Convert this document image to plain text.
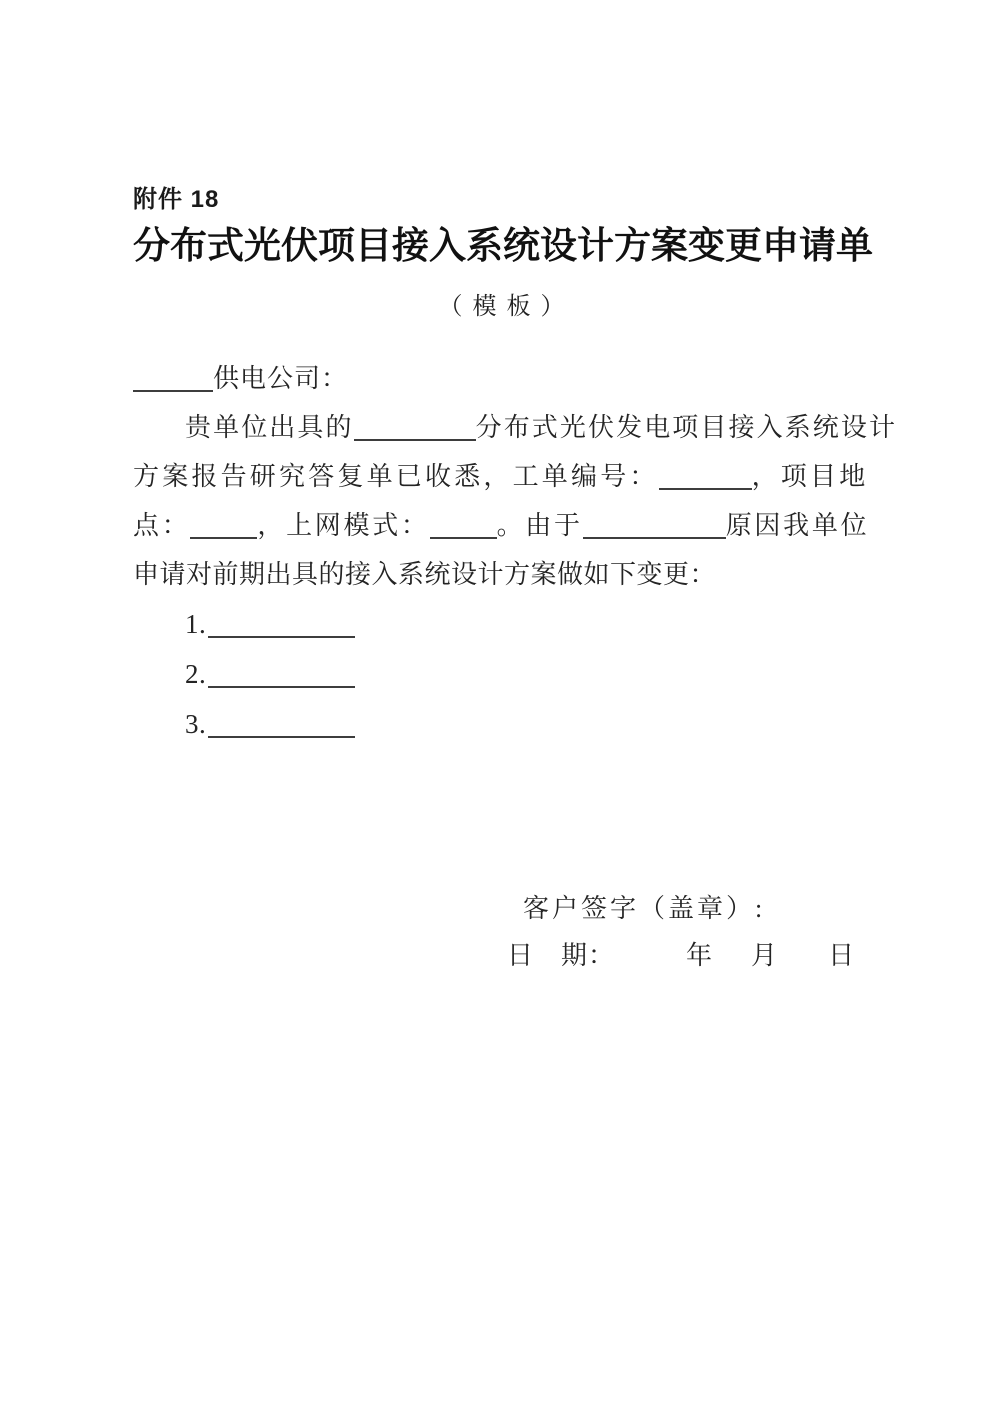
附件 18
分布式光伏项目接入系统设计方案变更申请单
（模板）
供电公司：
贵单位出具的	分布式光伏发电项目接入系统设计
方案报告研究答复单已收悉，工单编号：	，项目地
点：	，上网模式：	。由于	原因我单位
申请对前期出具的接入系统设计方案做如下变更：
1.
2.
3.
客户签字（盖章）:
日 期：	年 月 日
